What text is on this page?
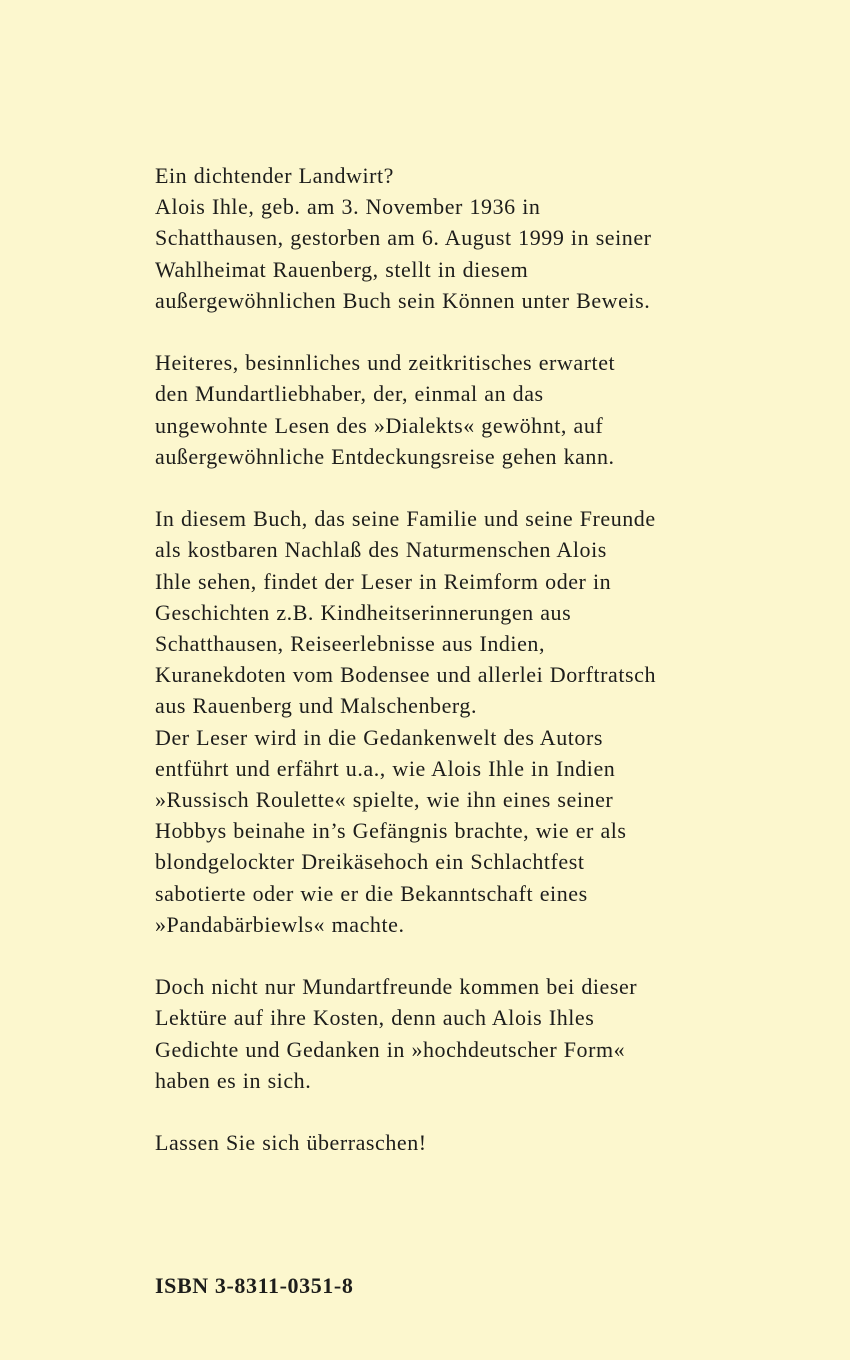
Ein dichtender Landwirt?
Alois Ihle, geb. am 3. November 1936 in
Schatthausen, gestorben am 6. August 1999 in seiner
Wahlheimat Rauenberg, stellt in diesem
außergewöhnlichen Buch sein Können unter Beweis.
Heiteres, besinnliches und zeitkritisches erwartet
den Mundartliebhaber, der, einmal an das
ungewohnte Lesen des »Dialekts« gewöhnt, auf
außergewöhnliche Entdeckungsreise gehen kann.
In diesem Buch, das seine Familie und seine Freunde
als kostbaren Nachlaß des Naturmenschen Alois
Ihle sehen, findet der Leser in Reimform oder in
Geschichten z.B. Kindheitserinnerungen aus
Schatthausen, Reiseerlebnisse aus Indien,
Kuranekdoten vom Bodensee und allerlei Dorftratsch
aus Rauenberg und Malschenberg.
Der Leser wird in die Gedankenwelt des Autors
entführt und erfährt u.a., wie Alois Ihle in Indien
»Russisch Roulette« spielte, wie ihn eines seiner
Hobbys beinahe in’s Gefängnis brachte, wie er als
blondgelockter Dreikäsehoch ein Schlachtfest
sabotierte oder wie er die Bekanntschaft eines
»Pandabärbiewls« machte.
Doch nicht nur Mundartfreunde kommen bei dieser
Lektüre auf ihre Kosten, denn auch Alois Ihles
Gedichte und Gedanken in »hochdeutscher Form«
haben es in sich.
Lassen Sie sich überraschen!
ISBN 3-8311-0351-8
